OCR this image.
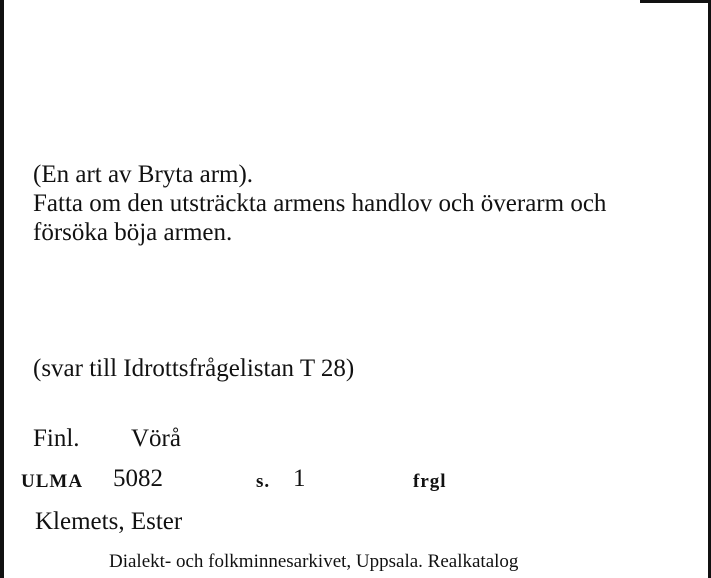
(En art av Bryta arm).
Fatta om den utsträckta armens handlov och överarm och
försöka böja armen.
(svar till Idrottsfrågelistan T 28)
Finl. Vörå
ULMA 5082	s. 1	frgl
Klemets, Ester
Dialekt- och folkminnesarkivet, Uppsala. Realkatalog
